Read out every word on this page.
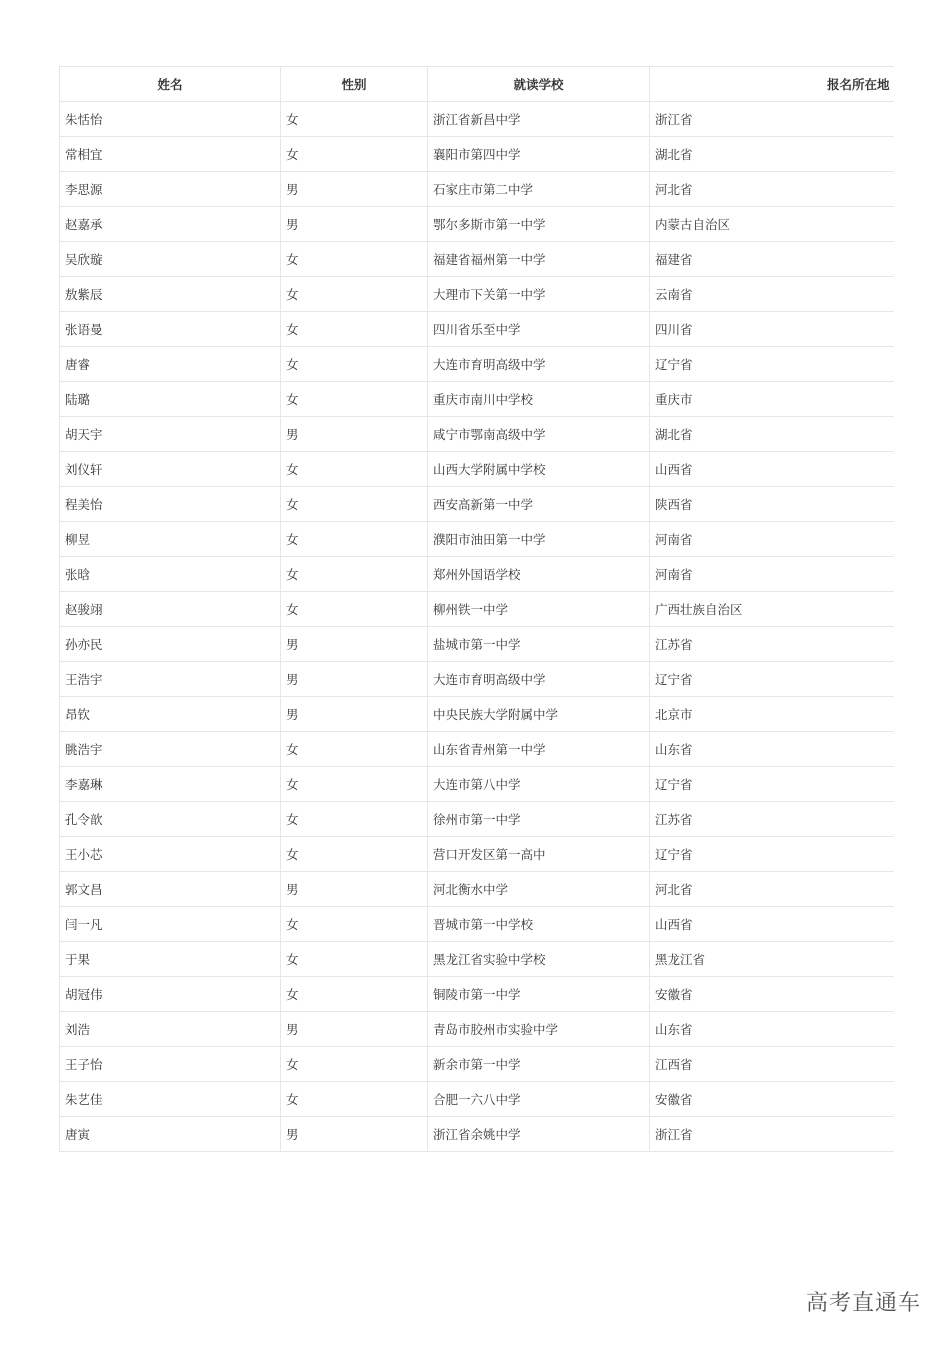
姓名	性别	就读学校	报名所在地
朱恬怡	女	浙江省新昌中学	浙江省
常相宜	女	襄阳市第四中学	湖北省
李思源	男	石家庄市第二中学	河北省
赵嘉承	男	鄂尔多斯市第一中学	内蒙古自治区
吴欣璇	女	福建省福州第一中学	福建省
敖紫辰	女	大理市下关第一中学	云南省
张语曼	女	四川省乐至中学	四川省
唐睿	女	大连市育明高级中学	辽宁省
陆璐	女	重庆市南川中学校	重庆市
胡天宇	男	咸宁市鄂南高级中学	湖北省
刘仪轩	女	山西大学附属中学校	山西省
程美怡	女	西安高新第一中学	陕西省
柳昱	女	濮阳市油田第一中学	河南省
张晗	女	郑州外国语学校	河南省
赵骏翊	女	柳州铁一中学	广西壮族自治区
孙亦民	男	盐城市第一中学	江苏省
王浩宇	男	大连市育明高级中学	辽宁省
昂钦	男	中央民族大学附属中学	北京市
朓浩宇	女	山东省青州第一中学	山东省
李嘉琳	女	大连市第八中学	辽宁省
孔令歆	女	徐州市第一中学	江苏省
王小芯	女	营口开发区第一高中	辽宁省
郭文昌	男	河北衡水中学	河北省
闫一凡	女	晋城市第一中学校	山西省
于果	女	黑龙江省实验中学校	黑龙江省
胡冠伟	女	铜陵市第一中学	安徽省
刘浩	男	青岛市胶州市实验中学	山东省
王子怡	女	新余市第一中学	江西省
朱艺佳	女	合肥一六八中学	安徽省
唐寅	男	浙江省余姚中学	浙江省
高考直通车
